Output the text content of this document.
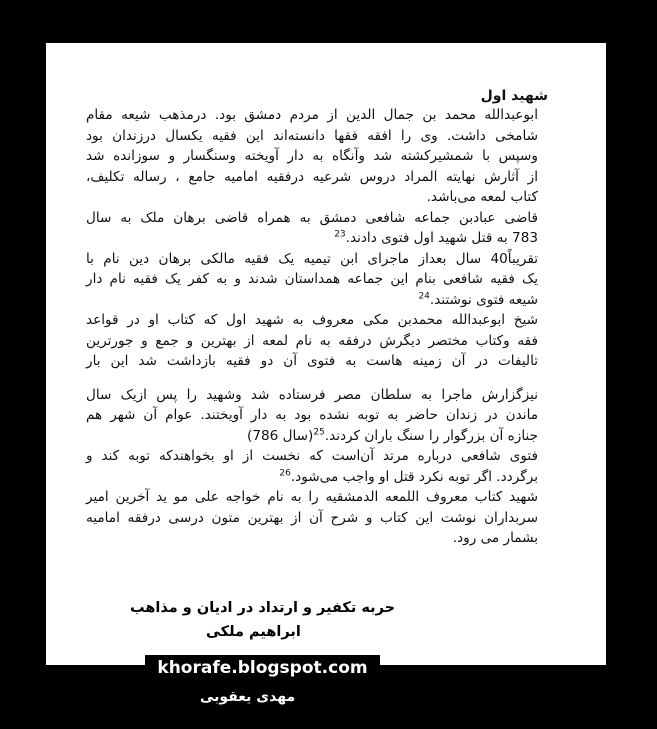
شهید اول
ابوعبدالله محمد بن جمال الدین از مردم دمشق بود. درمذهب شیعه مقام
شامخی داشت. وی را افقه فقها دانسته‌اند این فقیه یکسال درزندان بود
وسپس با شمشیرکشته شد وآنگاه به دار آویخته وسنگسار و سوزانده شد
از آثارش نهایته المراد دروس شرعیه درفقیه امامیه جامع ، رساله تکلیف،
کتاب لمعه می‌باشد.
قاضی عبادبن جماعه شافعی دمشق به همراه قاضی برهان ملک به سال
783 به قتل شهید اول فتوی دادند.$^{23}$
تقریباً40 سال بعداز ماجرای ابن تیمیه یک فقیه مالکی برهان دین نام با
یک فقیه شافعی بنام این جماعه همداستان شدند و به کفر یک فقیه نام دار
شیعه فتوی نوشتند.$^{24}$
شیخ ابوعبدالله محمدبن مکی معروف به شهید اول که کتاب او در قواعد
فقه وکتاب مختصر دیگرش درفقه به نام لمعه از بهترین و جمع و جورترین
تالیفات در آن زمینه هاست به فتوی آن دو فقیه بازداشت شد این بار
نیزگزارش ماجرا به سلطان مصر فرستاده شد وشهید را پس ازیک سال
ماندن در زندان حاضر به توبه نشده بود به دار آویختند. عوام آن شهر هم
جنازه آن بزرگوار را سنگ باران کردند.$^{25}$(سال 786)
فتوی شافعی درباره مرتد آن‌است که نخست از او بخواهندکه توبه کند و
برگردد. اگر توبه نکرد قتل او واجب می‌شود.$^{26}$
شهید کتاب معروف اللمعه الدمشقیه را به نام خواجه علی مو ید آخرین امیر
سربداران نوشت این کتاب و شرح آن از بهترین متون درسی درفقه امامیه
بشمار می رود.
حربه تکفیر و ارتداد در ادیان و مذاهب
ابراهیم ملکی
khorafe.blogspot.com
مهدی یعقوبی
